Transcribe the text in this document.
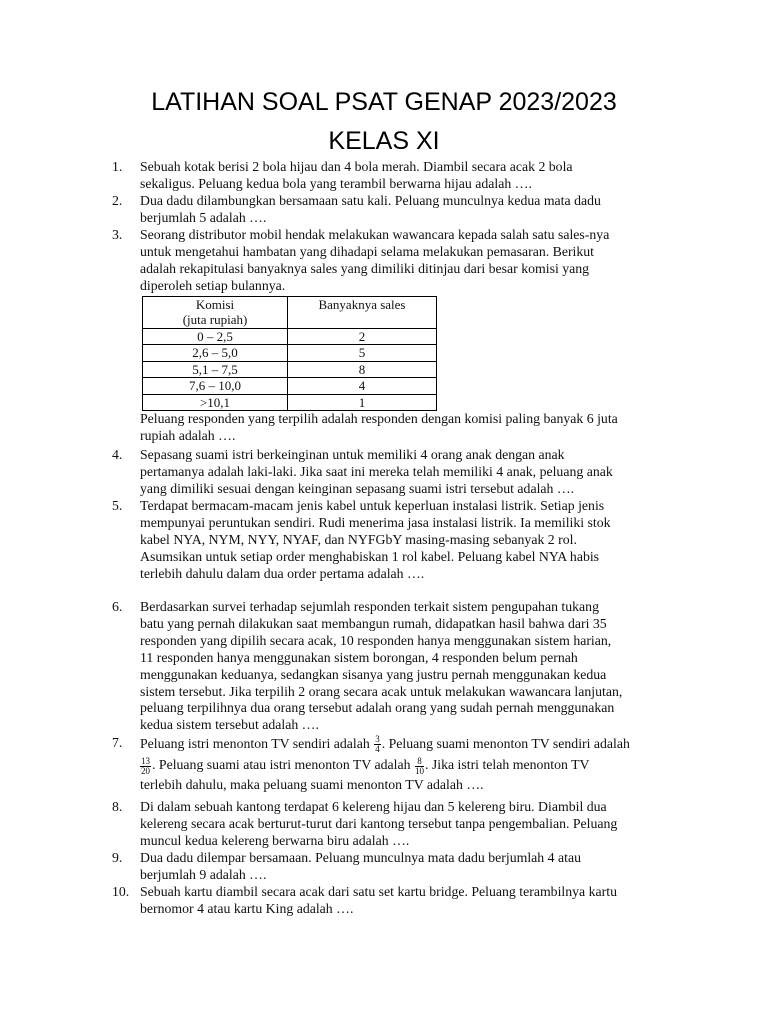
LATIHAN SOAL PSAT GENAP 2023/2023
KELAS XI
1.	Sebuah kotak berisi 2 bola hijau dan 4 bola merah. Diambil secara acak 2 bola
sekaligus. Peluang kedua bola yang terambil berwarna hijau adalah ….
2.	Dua dadu dilambungkan bersamaan satu kali. Peluang munculnya kedua mata dadu
berjumlah 5 adalah ….
3.	Seorang distributor mobil hendak melakukan wawancara kepada salah satu sales-nya
untuk mengetahui hambatan yang dihadapi selama melakukan pemasaran. Berikut
adalah rekapitulasi banyaknya sales yang dimiliki ditinjau dari besar komisi yang
diperoleh setiap bulannya.
Komisi
(juta rupiah)	Banyaknya sales
0 – 2,5	2
2,6 – 5,0	5
5,1 – 7,5	8
7,6 – 10,0	4
>10,1	1
Peluang responden yang terpilih adalah responden dengan komisi paling banyak 6 juta
rupiah adalah ….
4.	Sepasang suami istri berkeinginan untuk memiliki 4 orang anak dengan anak
pertamanya adalah laki-laki. Jika saat ini mereka telah memiliki 4 anak, peluang anak
yang dimiliki sesuai dengan keinginan sepasang suami istri tersebut adalah ….
5.	Terdapat bermacam-macam jenis kabel untuk keperluan instalasi listrik. Setiap jenis
mempunyai peruntukan sendiri. Rudi menerima jasa instalasi listrik. Ia memiliki stok
kabel NYA, NYM, NYY, NYAF, dan NYFGbY masing-masing sebanyak 2 rol.
Asumsikan untuk setiap order menghabiskan 1 rol kabel. Peluang kabel NYA habis
terlebih dahulu dalam dua order pertama adalah ….
6.	Berdasarkan survei terhadap sejumlah responden terkait sistem pengupahan tukang
batu yang pernah dilakukan saat membangun rumah, didapatkan hasil bahwa dari 35
responden yang dipilih secara acak, 10 responden hanya menggunakan sistem harian,
11 responden hanya menggunakan sistem borongan, 4 responden belum pernah
menggunakan keduanya, sedangkan sisanya yang justru pernah menggunakan kedua
sistem tersebut. Jika terpilih 2 orang secara acak untuk melakukan wawancara lanjutan,
peluang terpilihnya dua orang tersebut adalah orang yang sudah pernah menggunakan
kedua sistem tersebut adalah ….
7.	Peluang istri menonton TV sendiri adalah $\frac{3}{4}$ . Peluang suami menonton TV sendiri adalah
$\frac{13}{20}$ . Peluang suami atau istri menonton TV adalah $\frac{8}{10}$ . Jika istri telah menonton TV
terlebih dahulu, maka peluang suami menonton TV adalah ….
8.	Di dalam sebuah kantong terdapat 6 kelereng hijau dan 5 kelereng biru. Diambil dua
kelereng secara acak berturut-turut dari kantong tersebut tanpa pengembalian. Peluang
muncul kedua kelereng berwarna biru adalah ….
9.	Dua dadu dilempar bersamaan. Peluang munculnya mata dadu berjumlah 4 atau
berjumlah 9 adalah ….
10. Sebuah kartu diambil secara acak dari satu set kartu bridge. Peluang terambilnya kartu
bernomor 4 atau kartu King adalah ….
